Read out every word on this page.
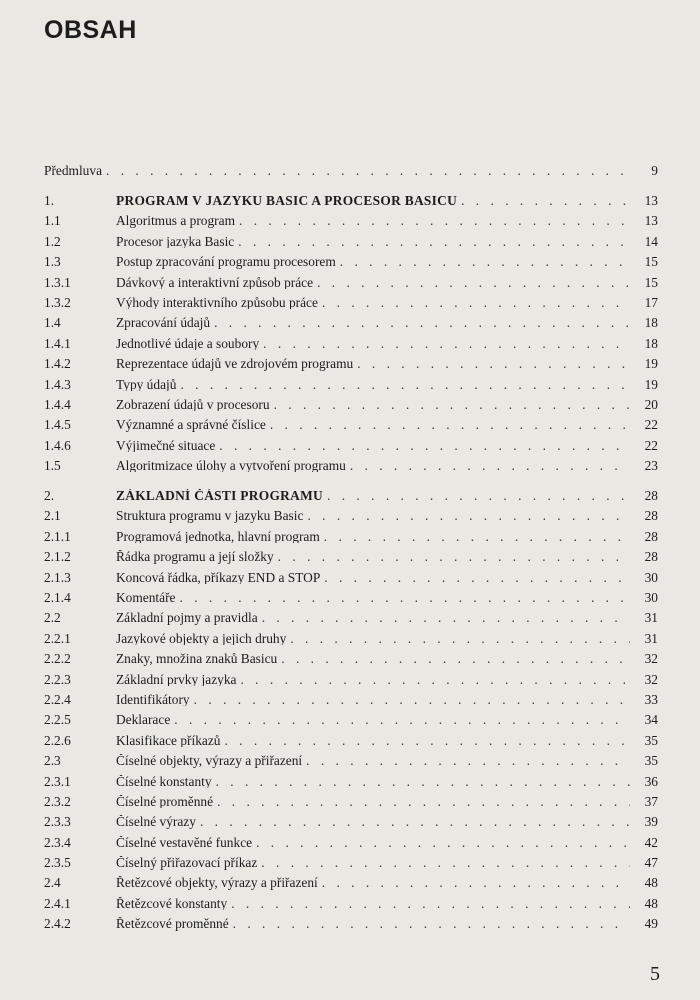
OBSAH
Předmluva . . .	9
1.	PROGRAM V JAZYKU BASIC A PROCESOR BASICU . . .	13
1.1	Algoritmus a program . . .	13
1.2	Procesor jazyka Basic . . .	14
1.3	Postup zpracování programu procesorem . . .	15
1.3.1	Dávkový a interaktivní způsob práce . . .	15
1.3.2	Výhody interaktivního způsobu práce . . .	17
1.4	Zpracování údajů . . .	18
1.4.1	Jednotlivé údaje a soubory . . .	18
1.4.2	Reprezentace údajů ve zdrojovém programu . . .	19
1.4.3	Typy údajů . . .	19
1.4.4	Zobrazení údajů v procesoru . . .	20
1.4.5	Významné a správné číslice . . .	22
1.4.6	Výjimečné situace . . .	22
1.5	Algoritmizace úlohy a vytvoření programu . . .	23
2.	ZÁKLADNÍ ČÁSTI PROGRAMU . . .	28
2.1	Struktura programu v jazyku Basic . . .	28
2.1.1	Programová jednotka, hlavní program . . .	28
2.1.2	Řádka programu a její složky . . .	28
2.1.3	Koncová řádka, příkazy END a STOP . . .	30
2.1.4	Komentáře . . .	30
2.2	Základní pojmy a pravidla . . .	31
2.2.1	Jazykové objekty a jejich druhy . . .	31
2.2.2	Znaky, množina znaků Basicu . . .	32
2.2.3	Základní prvky jazyka . . .	32
2.2.4	Identifikátory . . .	33
2.2.5	Deklarace . . .	34
2.2.6	Klasifikace příkazů . . .	35
2.3	Číselné objekty, výrazy a přiřazení . . .	35
2.3.1	Číselné konstanty . . .	36
2.3.2	Číselné proměnné . . .	37
2.3.3	Číselné výrazy . . .	39
2.3.4	Číselné vestavěné funkce . . .	42
2.3.5	Číselný přiřazovací příkaz . . .	47
2.4	Řetězcové objekty, výrazy a přiřazení . . .	48
2.4.1	Řetězcové konstanty . . .	48
2.4.2	Řetězcové proměnné . . .	49
5
